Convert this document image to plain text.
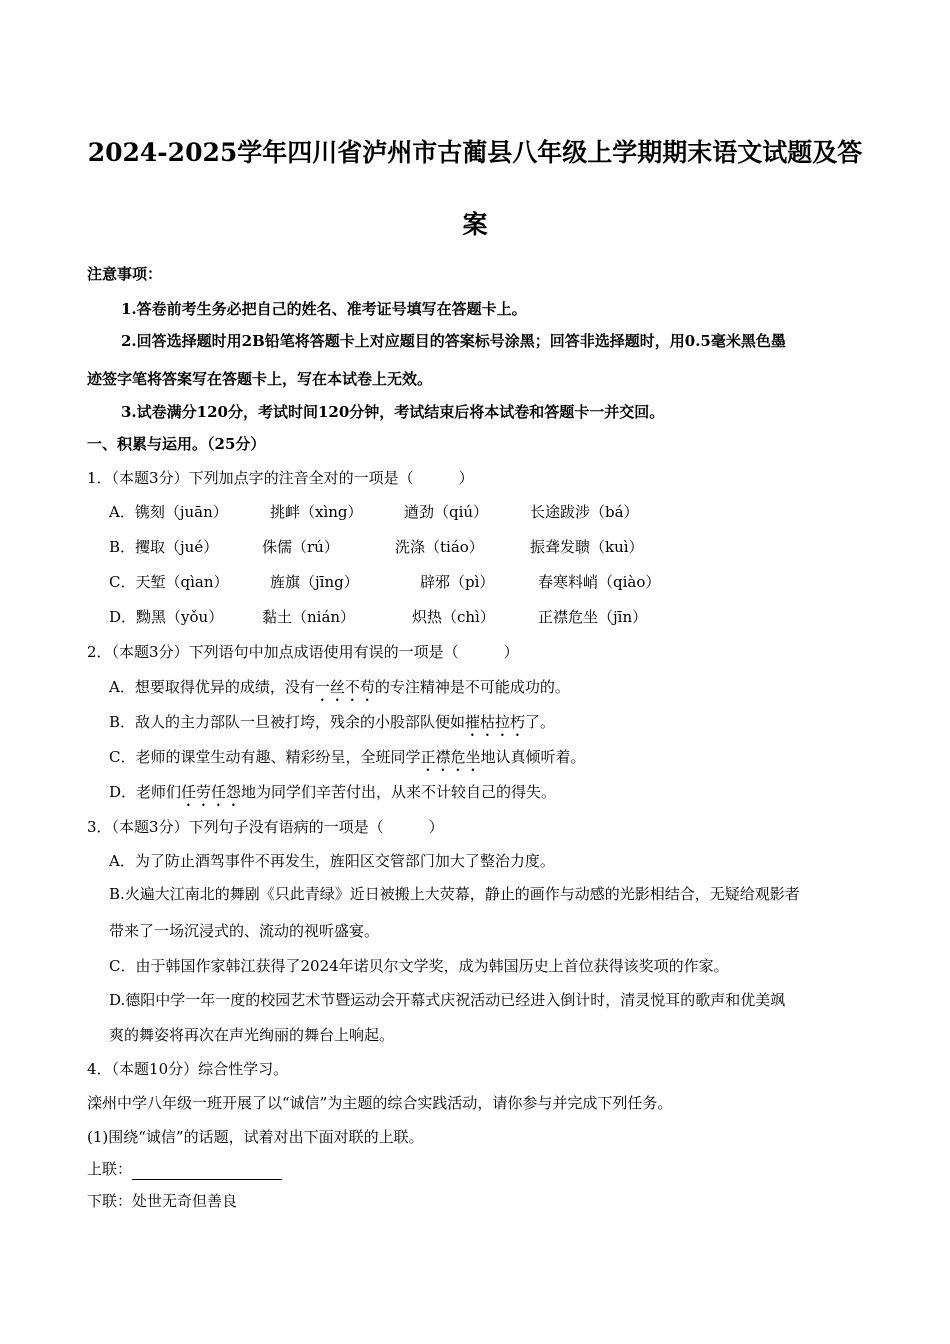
2024-2025学年四川省泸州市古蔺县八年级上学期期末语文试题及答
案
注意事项：
1.答卷前考生务必把自己的姓名、准考证号填写在答题卡上。
2.回答选择题时用2B铅笔将答题卡上对应题目的答案标号涂黑；回答非选择题时，用0.5毫米黑色墨
迹签字笔将答案写在答题卡上，写在本试卷上无效。
3.试卷满分120分，考试时间120分钟，考试结束后将本试卷和答题卡一并交回。
一、积累与运用。（25分）
1．（本题3分）下列加点字的注音全对的一项是（　　　）
A．镌刻（juān）	挑衅（xìng）	遒劲（qiú）	长途跋涉（bá）
B．攫取（jué）	侏儒（rú）	洗涤（tiáo）	振聋发聩（kuì）
C．天堑（qìan）	旌旗（jīng）	辟邪（pì）	春寒料峭（qiào）
D．黝黑（yǒu）	黏土（nián）	炽热（chì）	正襟危坐（jīn）
2．（本题3分）下列语句中加点成语使用有误的一项是（　　　）
A．想要取得优异的成绩，没有一丝不苟的专注精神是不可能成功的。
B．敌人的主力部队一旦被打垮，残余的小股部队便如摧枯拉朽了。
C．老师的课堂生动有趣、精彩纷呈，全班同学正襟危坐地认真倾听着。
D．老师们任劳任怨地为同学们辛苦付出，从来不计较自己的得失。
3．（本题3分）下列句子没有语病的一项是（　　　）
A．为了防止酒驾事件不再发生，旌阳区交管部门加大了整治力度。
B.火遍大江南北的舞剧《只此青绿》近日被搬上大荧幕，静止的画作与动感的光影相结合，无疑给观影者
带来了一场沉浸式的、流动的视听盛宴。
C．由于韩国作家韩江获得了2024年诺贝尔文学奖，成为韩国历史上首位获得该奖项的作家。
D.德阳中学一年一度的校园艺术节暨运动会开幕式庆祝活动已经进入倒计时，清灵悦耳的歌声和优美飒
爽的舞姿将再次在声光绚丽的舞台上响起。
4．（本题10分）综合性学习。
滦州中学八年级一班开展了以“诚信”为主题的综合实践活动，请你参与并完成下列任务。
(1)围绕“诚信”的话题，试着对出下面对联的上联。
上联：
下联：处世无奇但善良
